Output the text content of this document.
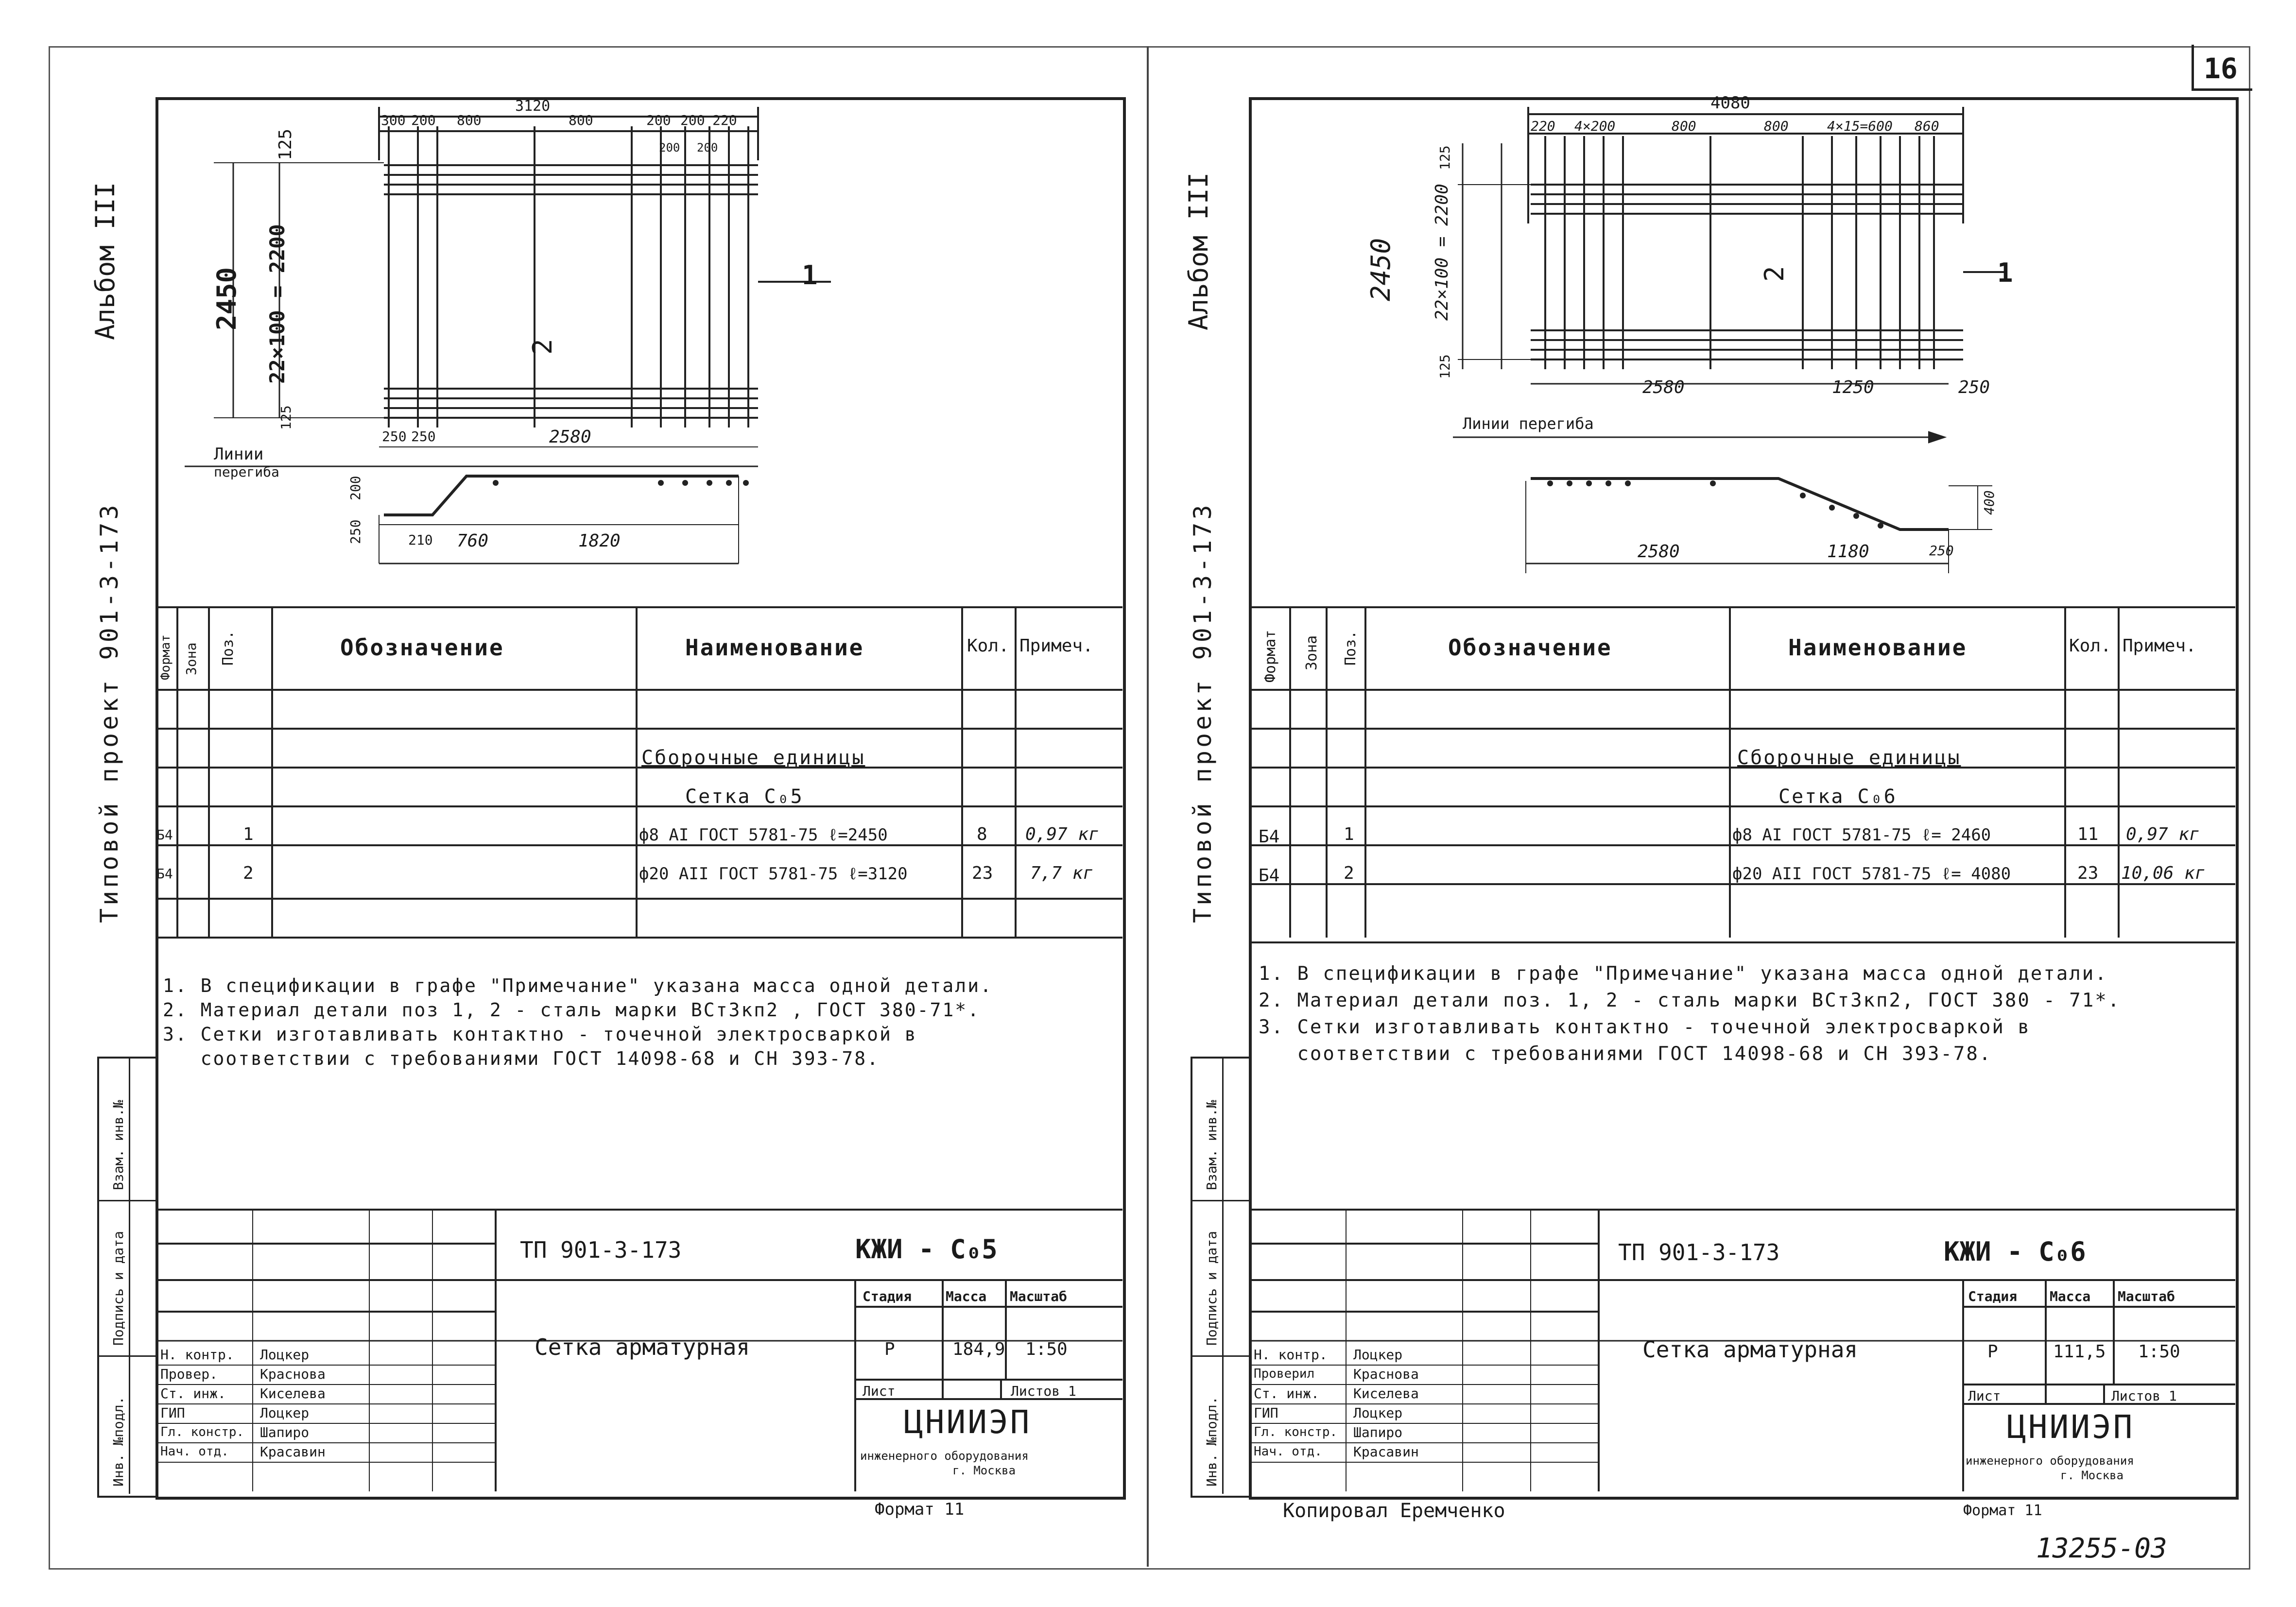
16
Альбом III
Типовой проект 901-3-173
Взам. инв.№
Подпись и дата
Инв. №подл.
3120
300 200 800	800	200 200 220
200 200
2450 22×100 = 2200
125
125
1
2
250 250	2580
Линии
перегиба
200
250	210 760	1820
Формат Зона Поз.	Обозначение	Наименование	Кол. Примеч.
Сборочные единицы
Сетка С₀5
Б4	1	ф8 АI ГОСТ 5781-75 ℓ=2450	8 0,97 кг
Б4	2	ф20 АII ГОСТ 5781-75 ℓ=3120	23 7,7 кг
1. В спецификации в графе "Примечание" указана масса одной детали.
2. Материал детали поз 1, 2 - сталь марки ВСт3кп2 , ГОСТ 380-71*.
3. Сетки изготавливать контактно - точечной электросваркой в
соответствии с требованиями ГОСТ 14098-68 и СН 393-78.
ТП 901-3-173	КЖИ - С₀5
Сетка арматурная
Стадия Масса Масштаб
Р	184,9 1:50
Лист	Листов 1
ЦНИИЭП
инженерного оборудования
г. Москва
Формат 11
Н. контр. Лоцкер
Провер.	Краснова
Ст. инж.	Киселева
ГИП	Лоцкер
Гл. констр. Шапиро
Нач. отд. Красавин
Альбом III
Типовой проект 901-3-173
Взам. инв.№
Подпись и дата
Инв. №подл.
4080
220 4×200	800	800	4×15=600 860
2450 22×100 = 2200
125
125
1
2
2580	1250	250
Линии перегиба
400
2580	1180	250
Формат Зона Поз.	Обозначение	Наименование	Кол. Примеч.
Сборочные единицы
Сетка С₀6
Б4	1	ф8 АI ГОСТ 5781-75 ℓ= 2460	11 0,97 кг
Б4	2	ф20 АII ГОСТ 5781-75 ℓ= 4080	23 10,06 кг
1. В спецификации в графе "Примечание" указана масса одной детали.
2. Материал детали поз. 1, 2 - сталь марки ВСт3кп2, ГОСТ 380 - 71*.
3. Сетки изготавливать контактно - точечной электросваркой в
соответствии с требованиями ГОСТ 14098-68 и СН 393-78.
ТП 901-3-173	КЖИ - С₀6
Сетка арматурная
Стадия Масса Масштаб
Р	111,5 1:50
Лист	Листов 1
ЦНИИЭП
инженерного оборудования
г. Москва
Формат 11
Н. контр. Лоцкер
Проверил	Краснова
Ст. инж.	Киселева
ГИП	Лоцкер
Гл. констр. Шапиро
Нач. отд. Красавин
Копировал Еремченко
13255-03
